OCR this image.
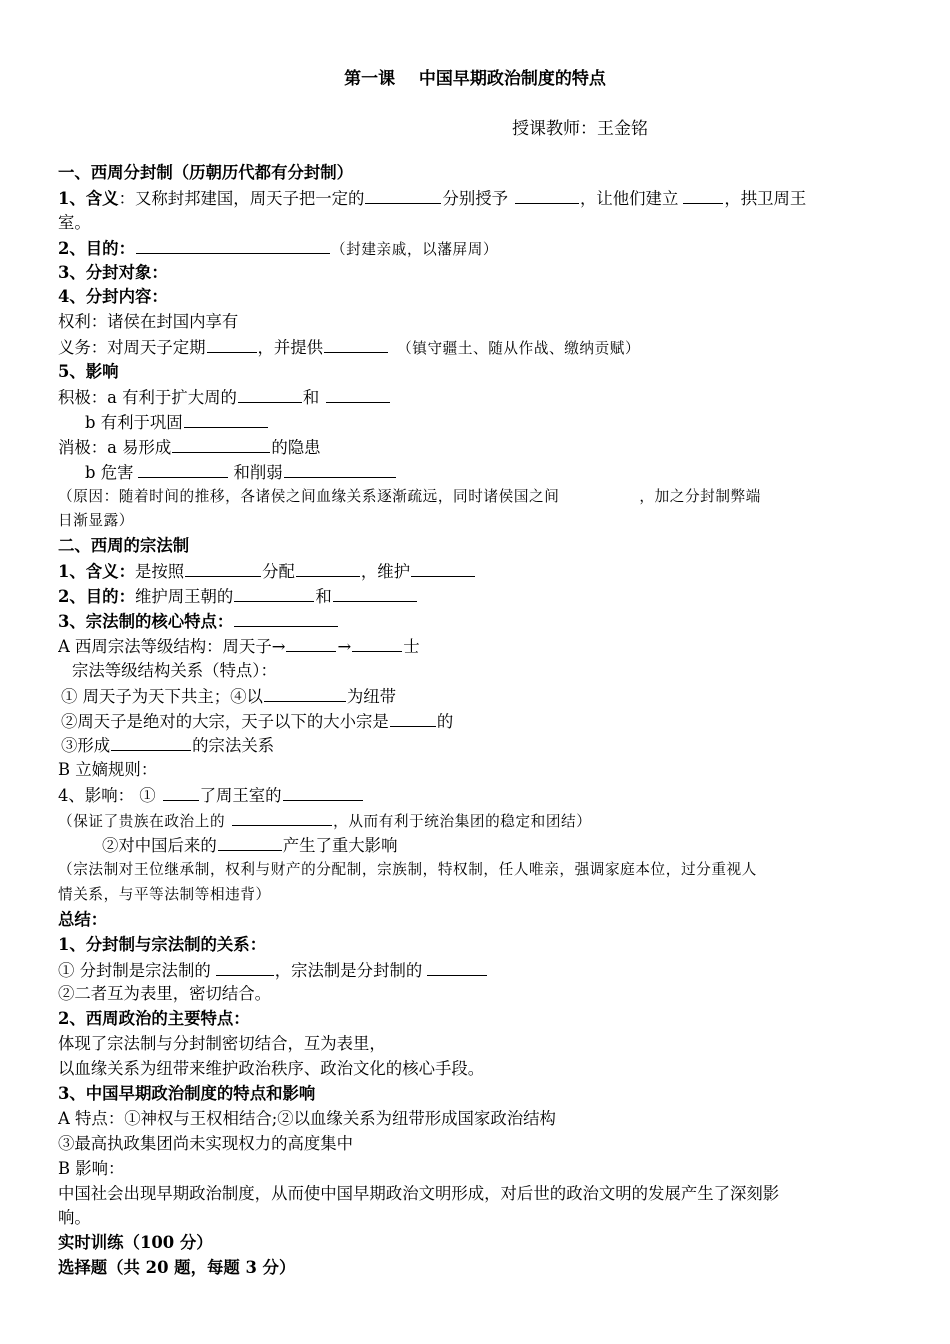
第一课    中国早期政治制度的特点
授课教师：王金铭
一、西周分封制（历朝历代都有分封制）
1、含义：又称封邦建国，周天子把一定的	分别授予	，让他们建立	，拱卫周王
室。
2、目的：	（封建亲戚，以藩屏周）
3、分封对象：
4、分封内容：
权利：诸侯在封国内享有
义务：对周天子定期	，并提供	（镇守疆土、随从作战、缴纳贡赋）
5、影响
积极：a 有利于扩大周的	和
b 有利于巩固
消极：a 易形成	的隐患
b 危害	和削弱
（原因：随着时间的推移，各诸侯之间血缘关系逐渐疏远，同时诸侯国之间	，加之分封制弊端
日渐显露）
二、西周的宗法制
1、含义：是按照	分配	，维护
2、目的：维护周王朝的	和
3、宗法制的核心特点：
A 西周宗法等级结构：周天子→	→	士
宗法等级结构关系（特点）：
① 周天子为天下共主；④以	为纽带
②周天子是绝对的大宗，天子以下的大小宗是	的
③形成	的宗法关系
B 立嫡规则：
4、影响： ①	了周王室的
（保证了贵族在政治上的	，从而有利于统治集团的稳定和团结）
②对中国后来的	产生了重大影响
（宗法制对王位继承制，权利与财产的分配制，宗族制，特权制，任人唯亲，强调家庭本位，过分重视人
情关系，与平等法制等相违背）
总结：
1、分封制与宗法制的关系：
① 分封制是宗法制的	，宗法制是分封制的
②二者互为表里，密切结合。
2、西周政治的主要特点：
体现了宗法制与分封制密切结合，互为表里，
以血缘关系为纽带来维护政治秩序、政治文化的核心手段。
3、中国早期政治制度的特点和影响
A 特点：①神权与王权相结合;②以血缘关系为纽带形成国家政治结构
③最高执政集团尚未实现权力的高度集中
B 影响：
中国社会出现早期政治制度，从而使中国早期政治文明形成，对后世的政治文明的发展产生了深刻影
响。
实时训练（100 分）
选择题（共 20 题，每题 3 分）
